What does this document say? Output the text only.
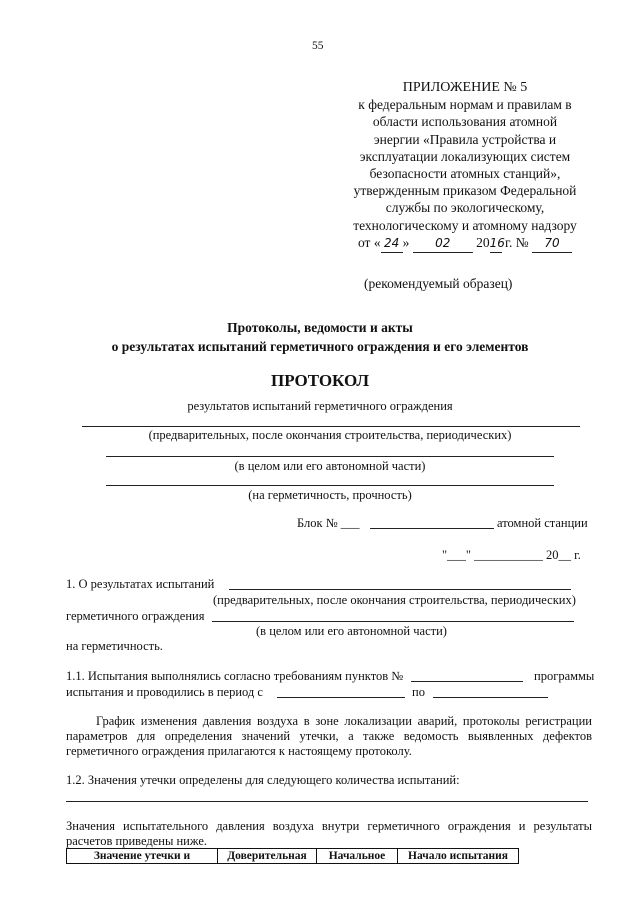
55
ПРИЛОЖЕНИЕ № 5
к федеральным нормам и правилам в
области использования атомной
энергии «Правила устройства и
эксплуатации локализующих систем
безопасности атомных станций»,
утвержденным приказом Федеральной
службы по экологическому,
технологическому и атомному надзору
от « 24 » 02 2016 г. № 70
(рекомендуемый образец)
Протоколы, ведомости и акты
о результатах испытаний герметичного ограждения и его элементов
ПРОТОКОЛ
результатов испытаний герметичного ограждения
(предварительных, после окончания строительства, периодических)
(в целом или его автономной части)
(на герметичность, прочность)
Блок № ___	атомной станции
"___" ___________ 20__ г.
1. О результатах испытаний
(предварительных, после окончания строительства, периодических)
герметичного ограждения
(в целом или его автономной части)
на герметичность.
1.1. Испытания выполнялись согласно требованиям пунктов №	программы
испытания и проводились в период с	по
График изменения давления воздуха в зоне локализации аварий, протоколы регистрации
параметров для определения значений утечки, а также ведомость выявленных дефектов
герметичного ограждения прилагаются к настоящему протоколу.
1.2. Значения утечки определены для следующего количества испытаний:
Значения испытательного давления воздуха внутри герметичного ограждения и результаты
расчетов приведены ниже.
Значение утечки и	Доверительная	Начальное	Начало испытания
